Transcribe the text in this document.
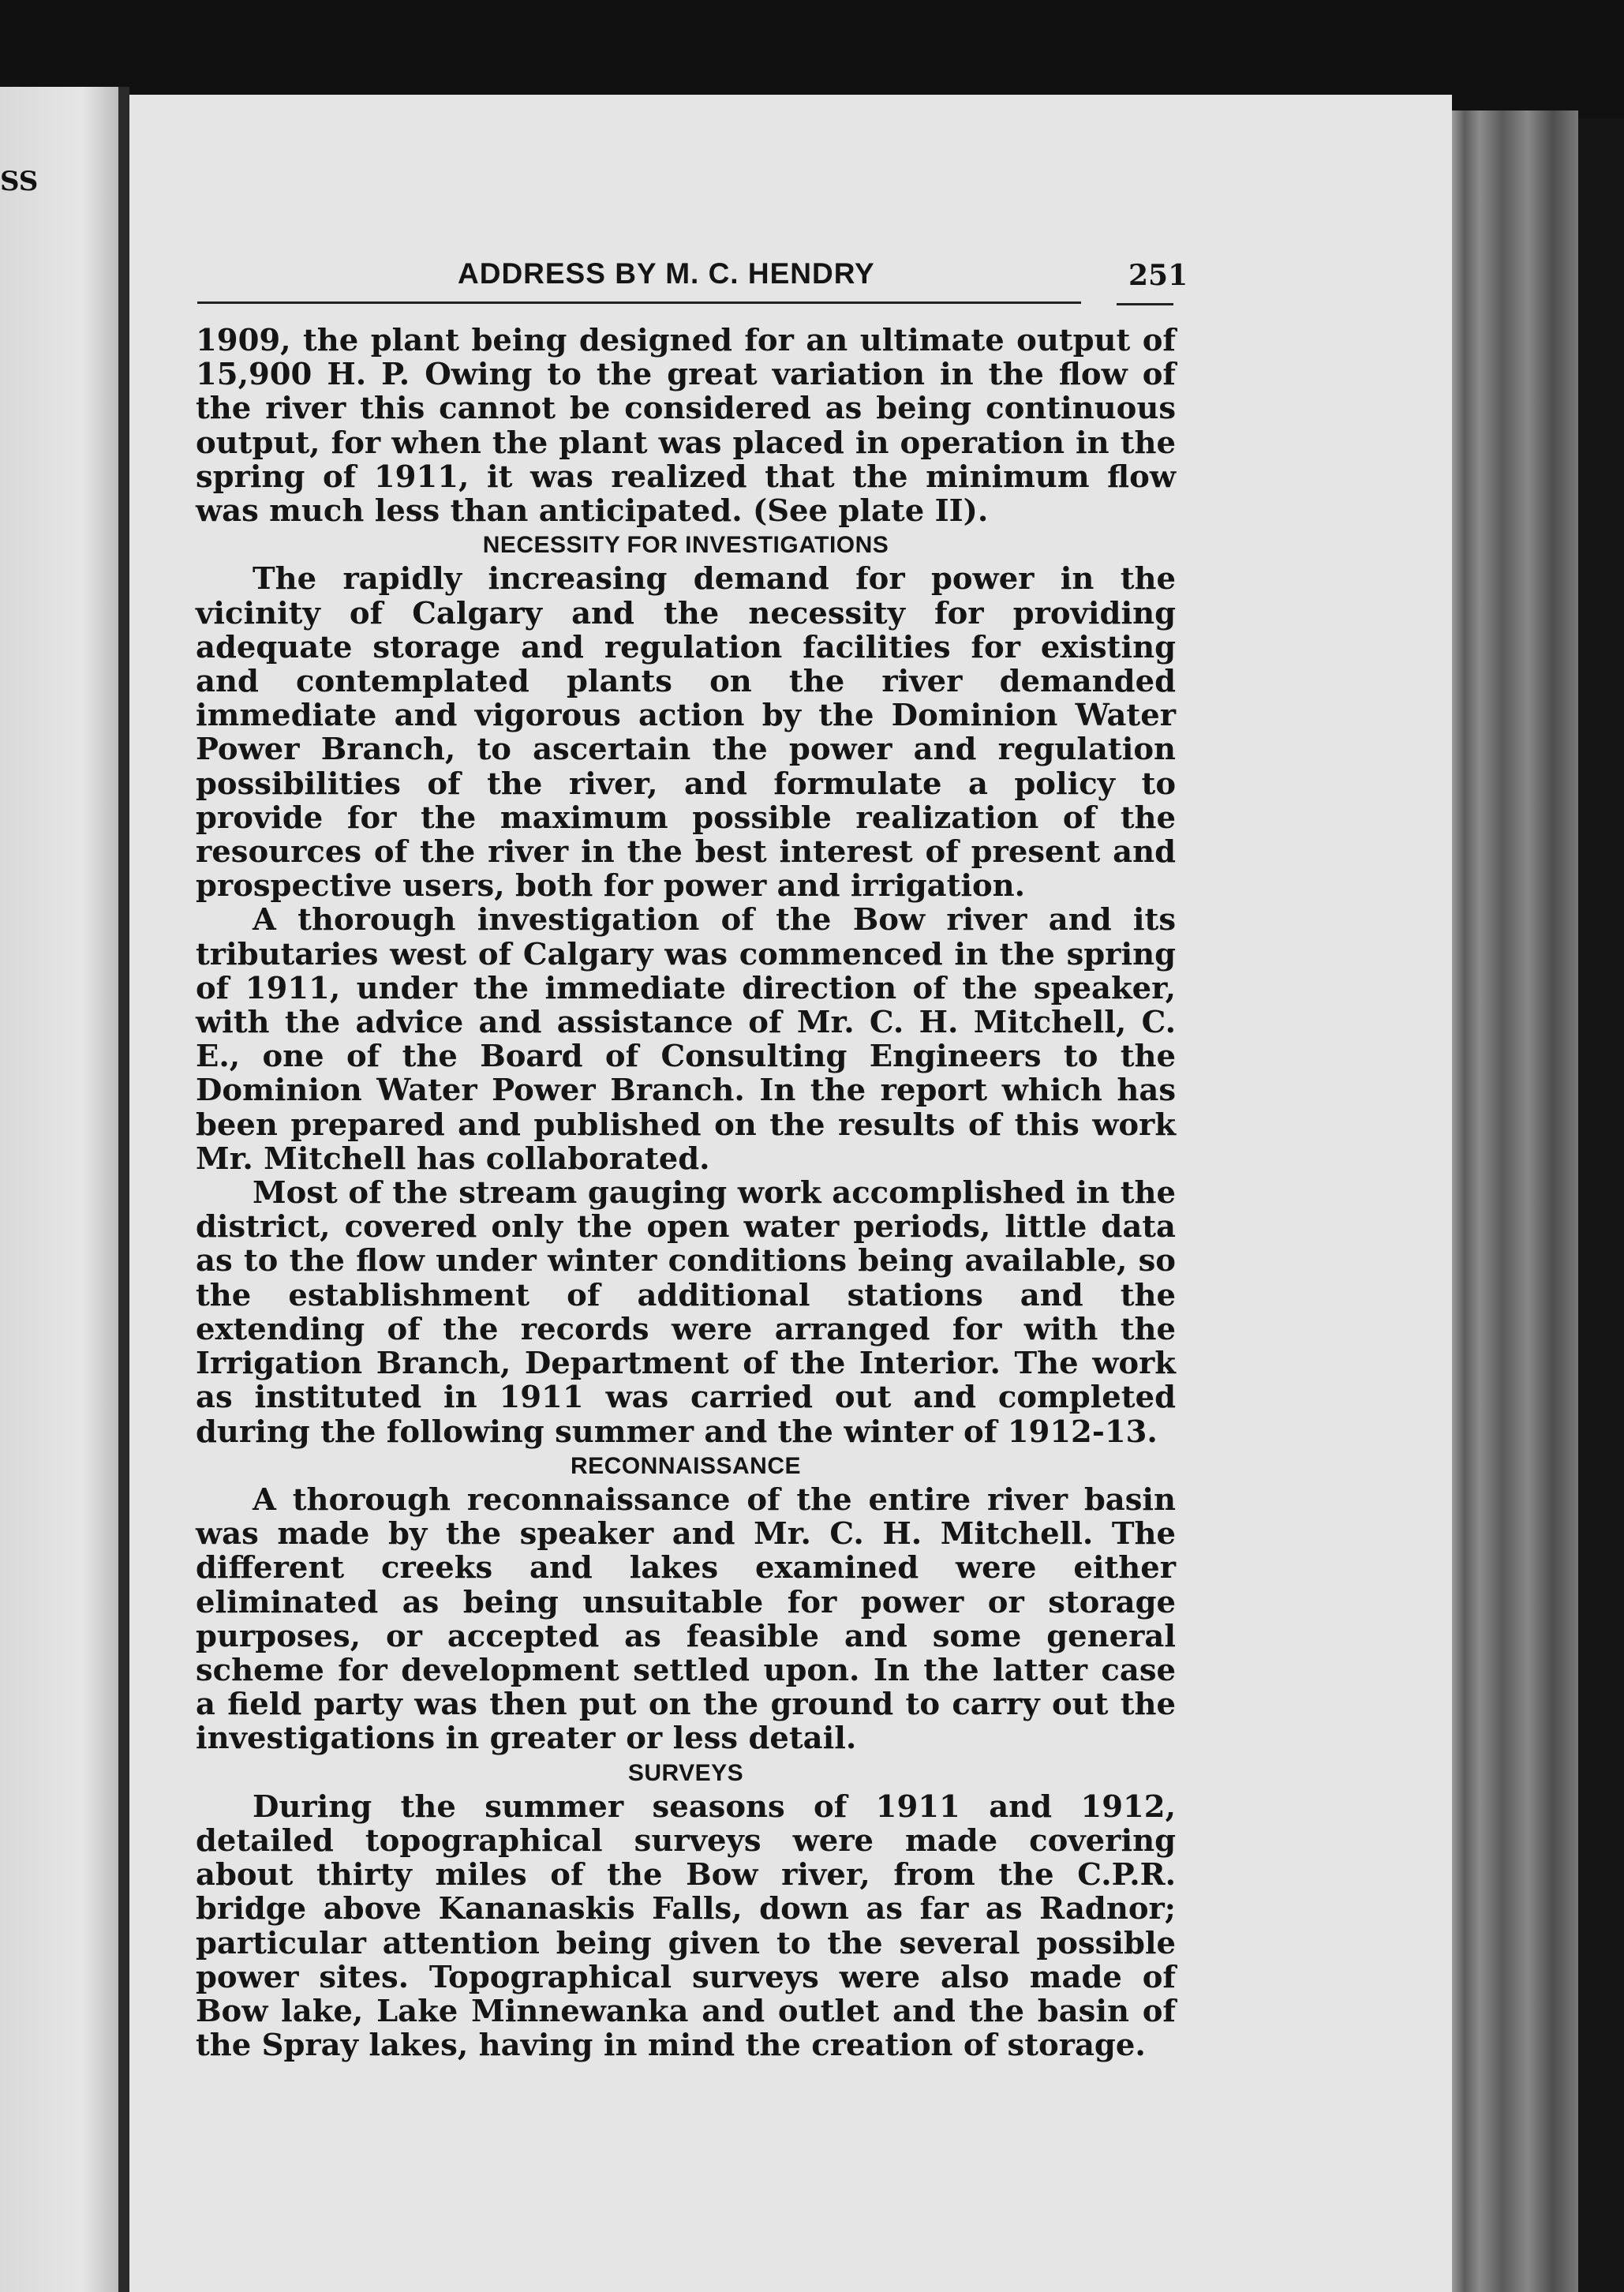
SS

ADDRESS BY M. C. HENDRY	251

1909, the plant being designed for an ultimate output of 15,900 H. P. Owing to the great variation in the flow of the river this cannot be considered as being continuous output, for when the plant was placed in operation in the spring of 1911, it was realized that the minimum flow was much less than anticipated. (See plate II).

NECESSITY FOR INVESTIGATIONS

The rapidly increasing demand for power in the vicinity of Calgary and the necessity for providing adequate storage and regulation facilities for existing and contemplated plants on the river demanded immediate and vigorous action by the Dominion Water Power Branch, to ascertain the power and regulation possibilities of the river, and formulate a policy to provide for the maximum possible realization of the resources of the river in the best interest of present and prospective users, both for power and irrigation.

A thorough investigation of the Bow river and its tributaries west of Calgary was commenced in the spring of 1911, under the immediate direction of the speaker, with the advice and assistance of Mr. C. H. Mitchell, C. E., one of the Board of Consulting Engineers to the Dominion Water Power Branch. In the report which has been prepared and published on the results of this work Mr. Mitchell has collaborated.

Most of the stream gauging work accomplished in the district, covered only the open water periods, little data as to the flow under winter conditions being available, so the establishment of additional stations and the extending of the records were arranged for with the Irrigation Branch, Department of the Interior. The work as instituted in 1911 was carried out and completed during the following summer and the winter of 1912-13.

RECONNAISSANCE

A thorough reconnaissance of the entire river basin was made by the speaker and Mr. C. H. Mitchell. The different creeks and lakes examined were either eliminated as being unsuitable for power or storage purposes, or accepted as feasible and some general scheme for development settled upon. In the latter case a field party was then put on the ground to carry out the investigations in greater or less detail.

SURVEYS

During the summer seasons of 1911 and 1912, detailed topographical surveys were made covering about thirty miles of the Bow river, from the C.P.R. bridge above Kananaskis Falls, down as far as Radnor; particular attention being given to the several possible power sites. Topographical surveys were also made of Bow lake, Lake Minnewanka and outlet and the basin of the Spray lakes, having in mind the creation of storage.
